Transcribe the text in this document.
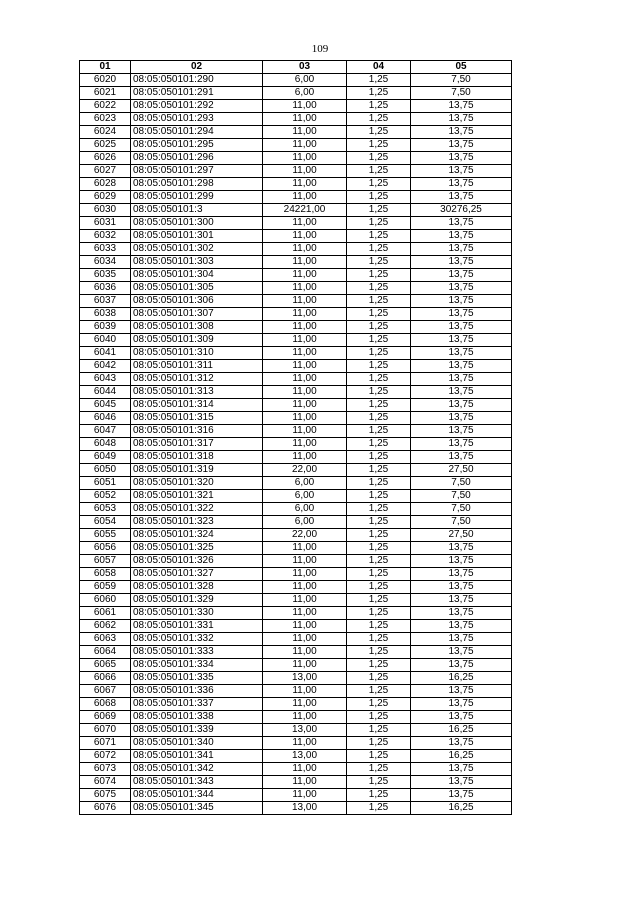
109
01	02	03	04	05
6020	08:05:050101:290	6,00	1,25	7,50
6021	08:05:050101:291	6,00	1,25	7,50
6022	08:05:050101:292	11,00	1,25	13,75
6023	08:05:050101:293	11,00	1,25	13,75
6024	08:05:050101:294	11,00	1,25	13,75
6025	08:05:050101:295	11,00	1,25	13,75
6026	08:05:050101:296	11,00	1,25	13,75
6027	08:05:050101:297	11,00	1,25	13,75
6028	08:05:050101:298	11,00	1,25	13,75
6029	08:05:050101:299	11,00	1,25	13,75
6030	08:05:050101:3	24221,00	1,25	30276,25
6031	08:05:050101:300	11,00	1,25	13,75
6032	08:05:050101:301	11,00	1,25	13,75
6033	08:05:050101:302	11,00	1,25	13,75
6034	08:05:050101:303	11,00	1,25	13,75
6035	08:05:050101:304	11,00	1,25	13,75
6036	08:05:050101:305	11,00	1,25	13,75
6037	08:05:050101:306	11,00	1,25	13,75
6038	08:05:050101:307	11,00	1,25	13,75
6039	08:05:050101:308	11,00	1,25	13,75
6040	08:05:050101:309	11,00	1,25	13,75
6041	08:05:050101:310	11,00	1,25	13,75
6042	08:05:050101:311	11,00	1,25	13,75
6043	08:05:050101:312	11,00	1,25	13,75
6044	08:05:050101:313	11,00	1,25	13,75
6045	08:05:050101:314	11,00	1,25	13,75
6046	08:05:050101:315	11,00	1,25	13,75
6047	08:05:050101:316	11,00	1,25	13,75
6048	08:05:050101:317	11,00	1,25	13,75
6049	08:05:050101:318	11,00	1,25	13,75
6050	08:05:050101:319	22,00	1,25	27,50
6051	08:05:050101:320	6,00	1,25	7,50
6052	08:05:050101:321	6,00	1,25	7,50
6053	08:05:050101:322	6,00	1,25	7,50
6054	08:05:050101:323	6,00	1,25	7,50
6055	08:05:050101:324	22,00	1,25	27,50
6056	08:05:050101:325	11,00	1,25	13,75
6057	08:05:050101:326	11,00	1,25	13,75
6058	08:05:050101:327	11,00	1,25	13,75
6059	08:05:050101:328	11,00	1,25	13,75
6060	08:05:050101:329	11,00	1,25	13,75
6061	08:05:050101:330	11,00	1,25	13,75
6062	08:05:050101:331	11,00	1,25	13,75
6063	08:05:050101:332	11,00	1,25	13,75
6064	08:05:050101:333	11,00	1,25	13,75
6065	08:05:050101:334	11,00	1,25	13,75
6066	08:05:050101:335	13,00	1,25	16,25
6067	08:05:050101:336	11,00	1,25	13,75
6068	08:05:050101:337	11,00	1,25	13,75
6069	08:05:050101:338	11,00	1,25	13,75
6070	08:05:050101:339	13,00	1,25	16,25
6071	08:05:050101:340	11,00	1,25	13,75
6072	08:05:050101:341	13,00	1,25	16,25
6073	08:05:050101:342	11,00	1,25	13,75
6074	08:05:050101:343	11,00	1,25	13,75
6075	08:05:050101:344	11,00	1,25	13,75
6076	08:05:050101:345	13,00	1,25	16,25
